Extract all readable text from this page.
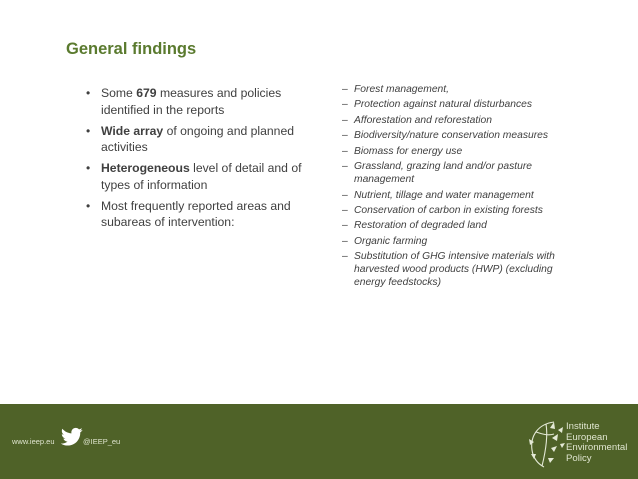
General findings
• Some 679 measures and policies identified in the reports
• Wide array of ongoing and planned activities
• Heterogeneous level of detail and of types of information
• Most frequently reported areas and subareas of intervention:
– Forest management,
– Protection against natural disturbances
– Afforestation and reforestation
– Biodiversity/nature conservation measures
– Biomass for energy use
– Grassland, grazing land and/or pasture management
– Nutrient, tillage and water management
– Conservation of carbon in existing forests
– Restoration of degraded land
– Organic farming
– Substitution of GHG intensive materials with harvested wood products (HWP) (excluding energy feedstocks)
www.ieep.eu	@IEEP_eu
Institute
European
Environmental
Policy
